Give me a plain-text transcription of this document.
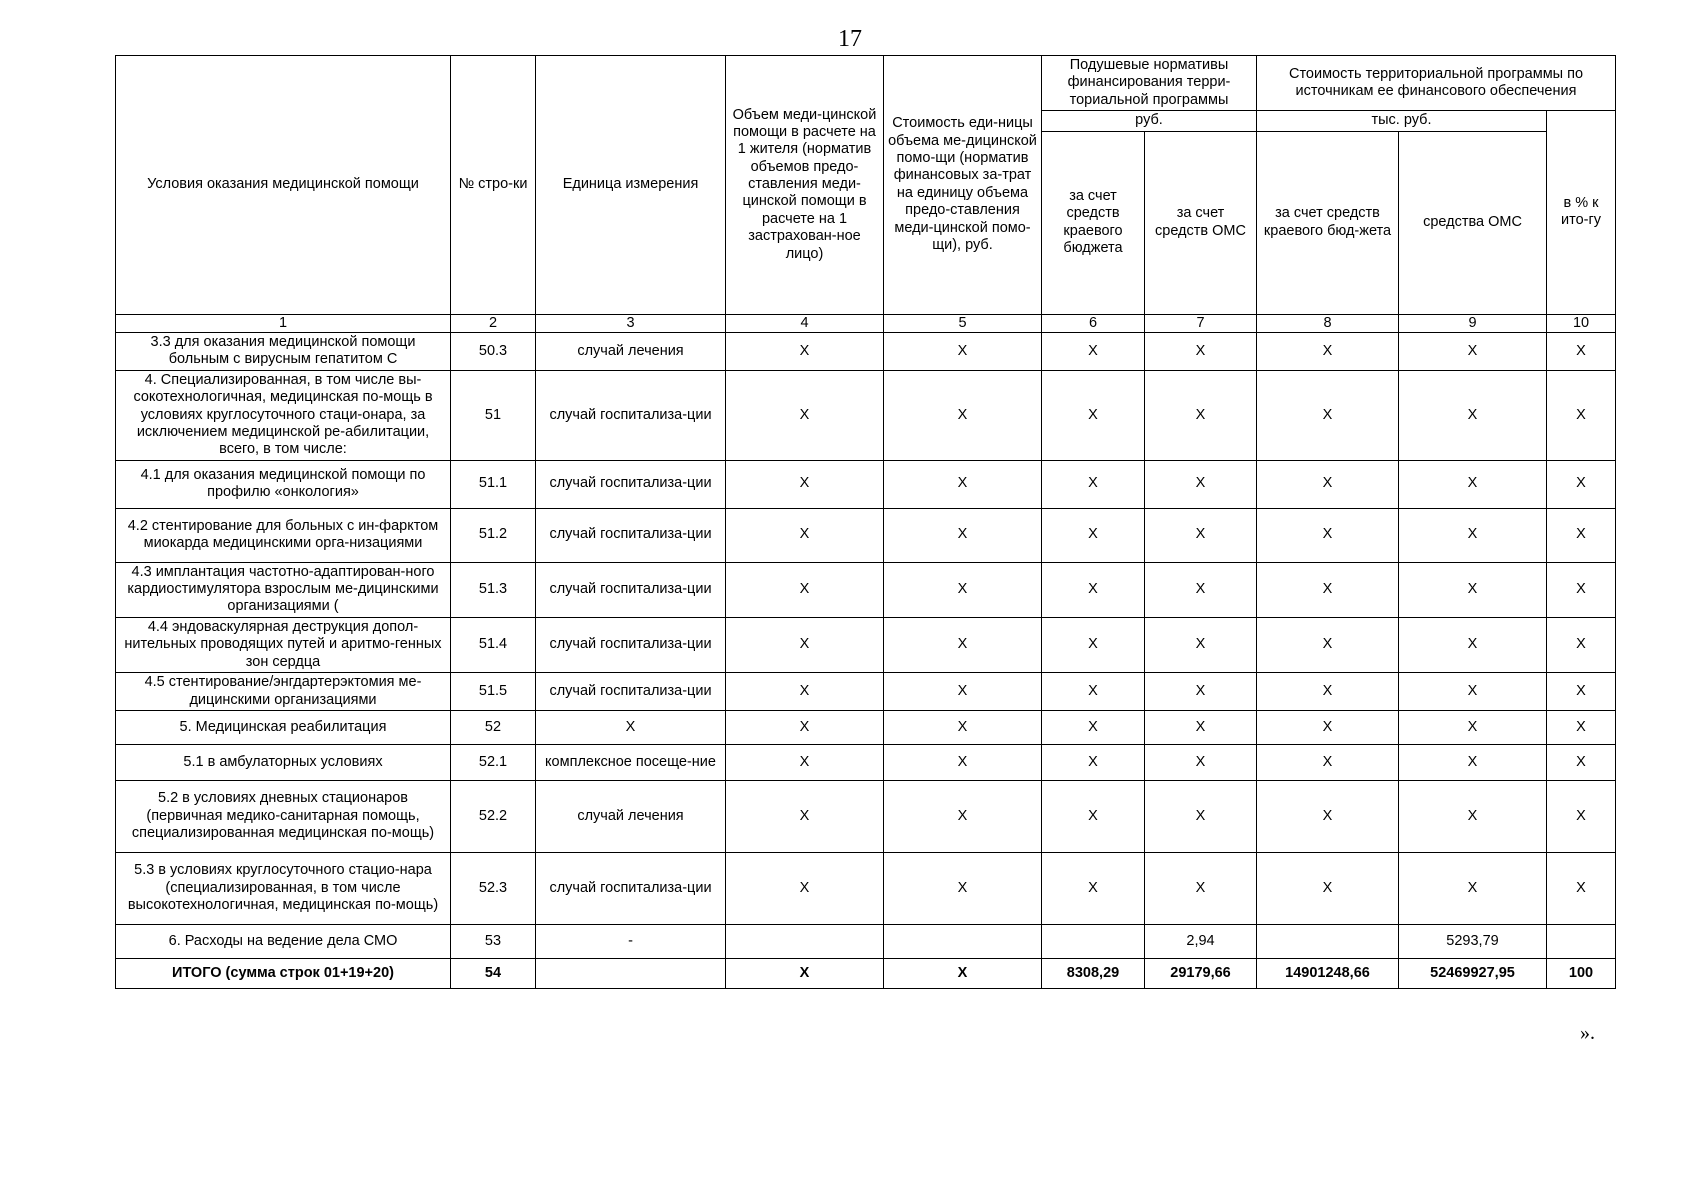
17
Условия оказания медицинской помощи	№ стро-ки	Единица измерения	Объем меди-цинской помощи в расчете на 1 жителя (норматив объемов предо-ставления меди-цинской помощи в расчете на 1 застрахован-ное лицо)	Стоимость еди-ницы объема ме-дицинской помо-щи (норматив финансовых за-трат на единицу объема предо-ставления меди-цинской помо-щи), руб.	Подушевые нормативы финансирования терри-ториальной программы		Стоимость территориальной программы по источникам ее финансового обеспечения		
					руб.		тыс. руб.		в % к ито-гу
					за счет средств краевого бюджета	за счет средств ОМС	за счет средств краевого бюд-жета	средства ОМС	
1	2	3	4	5	6	7	8	9	10
3.3 для оказания медицинской помощи больным с вирусным гепатитом С	50.3	случай лечения	X	X	X	X	X	X	X
4. Специализированная, в том числе вы-сокотехнологичная, медицинская по-мощь в условиях круглосуточного стаци-онара, за исключением медицинской ре-абилитации, всего, в том числе:	51	случай госпитализа-ции	X	X	X	X	X	X	X
4.1 для оказания медицинской помощи по профилю «онкология»	51.1	случай госпитализа-ции	X	X	X	X	X	X	X
4.2 стентирование для больных с ин-фарктом миокарда медицинскими орга-низациями	51.2	случай госпитализа-ции	X	X	X	X	X	X	X
4.3 имплантация частотно-адаптирован-ного кардиостимулятора взрослым ме-дицинскими организациями (	51.3	случай госпитализа-ции	X	X	X	X	X	X	X
4.4 эндоваскулярная деструкция допол-нительных проводящих путей и аритмо-генных зон сердца	51.4	случай госпитализа-ции	X	X	X	X	X	X	X
4.5 стентирование/энгдартерэктомия ме-дицинскими организациями	51.5	случай госпитализа-ции	X	X	X	X	X	X	X
5. Медицинская реабилитация	52	X	X	X	X	X	X	X	X
5.1 в амбулаторных условиях	52.1	комплексное посеще-ние	X	X	X	X	X	X	X
5.2 в условиях дневных стационаров (первичная медико-санитарная помощь, специализированная медицинская по-мощь)	52.2	случай лечения	X	X	X	X	X	X	X
5.3 в условиях круглосуточного стацио-нара (специализированная, в том числе высокотехнологичная, медицинская по-мощь)	52.3	случай госпитализа-ции	X	X	X	X	X	X	X
6. Расходы на ведение дела СМО	53	-				2,94		5293,79	
ИТОГО (сумма строк 01+19+20)	54		X	X	8308,29	29179,66	14901248,66	52469927,95	100
».
